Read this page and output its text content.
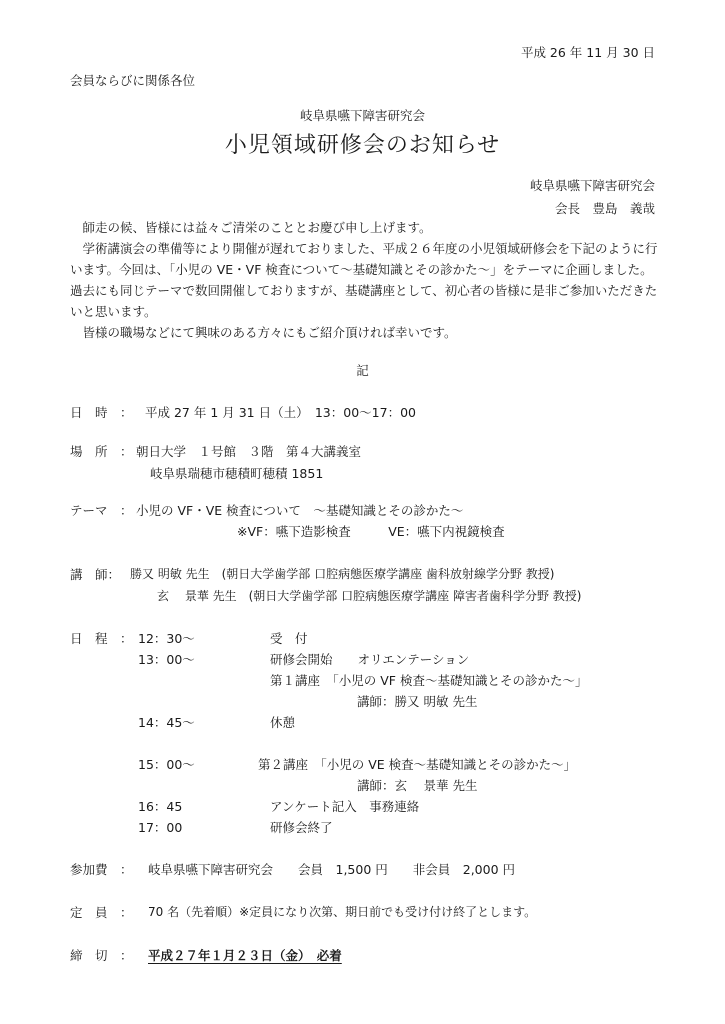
平成 26 年 11 月 30 日
会員ならびに関係各位
岐阜県嚥下障害研究会
小児領域研修会のお知らせ
岐阜県嚥下障害研究会
会長　豊島　義哉

師走の候、皆様には益々ご清栄のこととお慶び申し上げます。

学術講演会の準備等により開催が遅れておりました、平成２６年度の小児領域研修会を下記のように行います。今回は、「小児の VE・VF 検査について〜基礎知識とその診かた〜」をテーマに企画しました。過去にも同じテーマで数回開催しておりますが、基礎講座として、初心者の皆様に是非ご参加いただきたいと思います。

皆様の職場などにて興味のある方々にもご紹介頂ければ幸いです。

記
日　時　： 平成 27 年 1 月 31 日（土）　13：00〜17：00
場　所　： 朝日大学　１号館　３階　第４大講義室
岐阜県瑞穂市穂積町穂積 1851
テーマ　： 小児の VF・VE 検査について　〜基礎知識とその診かた〜
※VF：嚥下造影検査　　　VE：嚥下内視鏡検査
講　師： 勝又 明敏 先生　(朝日大学歯学部 口腔病態医療学講座 歯科放射線学分野 教授)
玄　 景華 先生　(朝日大学歯学部 口腔病態医療学講座 障害者歯科学分野 教授)
日　程　： 12：30〜	受　付
13：00〜	研修会開始　　オリエンテーション
第１講座　「小児の VF 検査〜基礎知識とその診かた〜」
講師：勝又 明敏 先生
14：45〜	休憩
15：00〜	第２講座　「小児の VE 検査〜基礎知識とその診かた〜」
講師：玄　 景華 先生
16：45	アンケート記入　事務連絡
17：00	研修会終了
参加費　： 岐阜県嚥下障害研究会　　会員　1,500 円　　非会員　2,000 円
定　員　： 70 名（先着順）※定員になり次第、期日前でも受け付け終了とします。
締　切　： 平成２７年１月２３日（金）　必着
